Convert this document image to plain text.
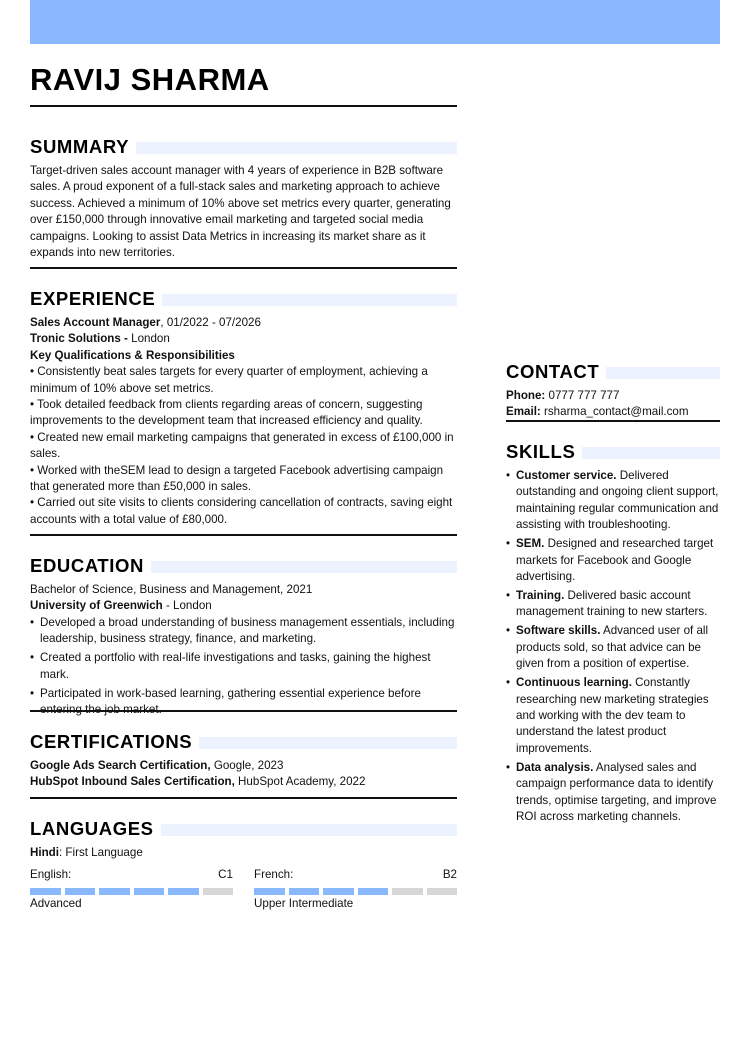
RAVIJ SHARMA
SUMMARY

Target-driven sales account manager with 4 years of experience in B2B software sales. A proud exponent of a full-stack sales and marketing approach to achieve success. Achieved a minimum of 10% above set metrics every quarter, generating over £150,000 through innovative email marketing and targeted social media campaigns. Looking to assist Data Metrics in increasing its market share as it expands into new territories.

EXPERIENCE
Sales Account Manager, 01/2022 - 07/2026
Tronic Solutions - London
Key Qualifications & Responsibilities
• Consistently beat sales targets for every quarter of employment, achieving a minimum of 10% above set metrics.
• Took detailed feedback from clients regarding areas of concern, suggesting improvements to the development team that increased efficiency and quality.
• Created new email marketing campaigns that generated in excess of £100,000 in sales.
• Worked with theSEM lead to design a targeted Facebook advertising campaign that generated more than £50,000 in sales.
• Carried out site visits to clients considering cancellation of contracts, saving eight accounts with a total value of £80,000.
EDUCATION
Bachelor of Science, Business and Management, 2021
University of Greenwich - London
• Developed a broad understanding of business management essentials, including leadership, business strategy, finance, and marketing.
• Created a portfolio with real-life investigations and tasks, gaining the highest mark.
• Participated in work-based learning, gathering essential experience before
CERTIFICATIONS
Google Ads Search Certification, Google, 2023
HubSpot Inbound Sales Certification, HubSpot Academy, 2022
LANGUAGES
Hindi: First Language
English:	C1
Advanced
French:	B2
Upper Intermediate
CONTACT
Phone: 0777 777 777
Email: rsharma_contact@mail.com
SKILLS
• Customer service. Delivered outstanding and ongoing client support, maintaining regular communication and assisting with troubleshooting.
• SEM. Designed and researched target markets for Facebook and Google advertising.
• Training. Delivered basic account management training to new starters.
• Software skills. Advanced user of all products sold, so that advice can be given from a position of expertise.
• Continuous learning. Constantly researching new marketing strategies and working with the dev team to understand the latest product improvements.
• Data analysis. Analysed sales and campaign performance data to identify trends, optimise targeting, and improve ROI across marketing channels.
